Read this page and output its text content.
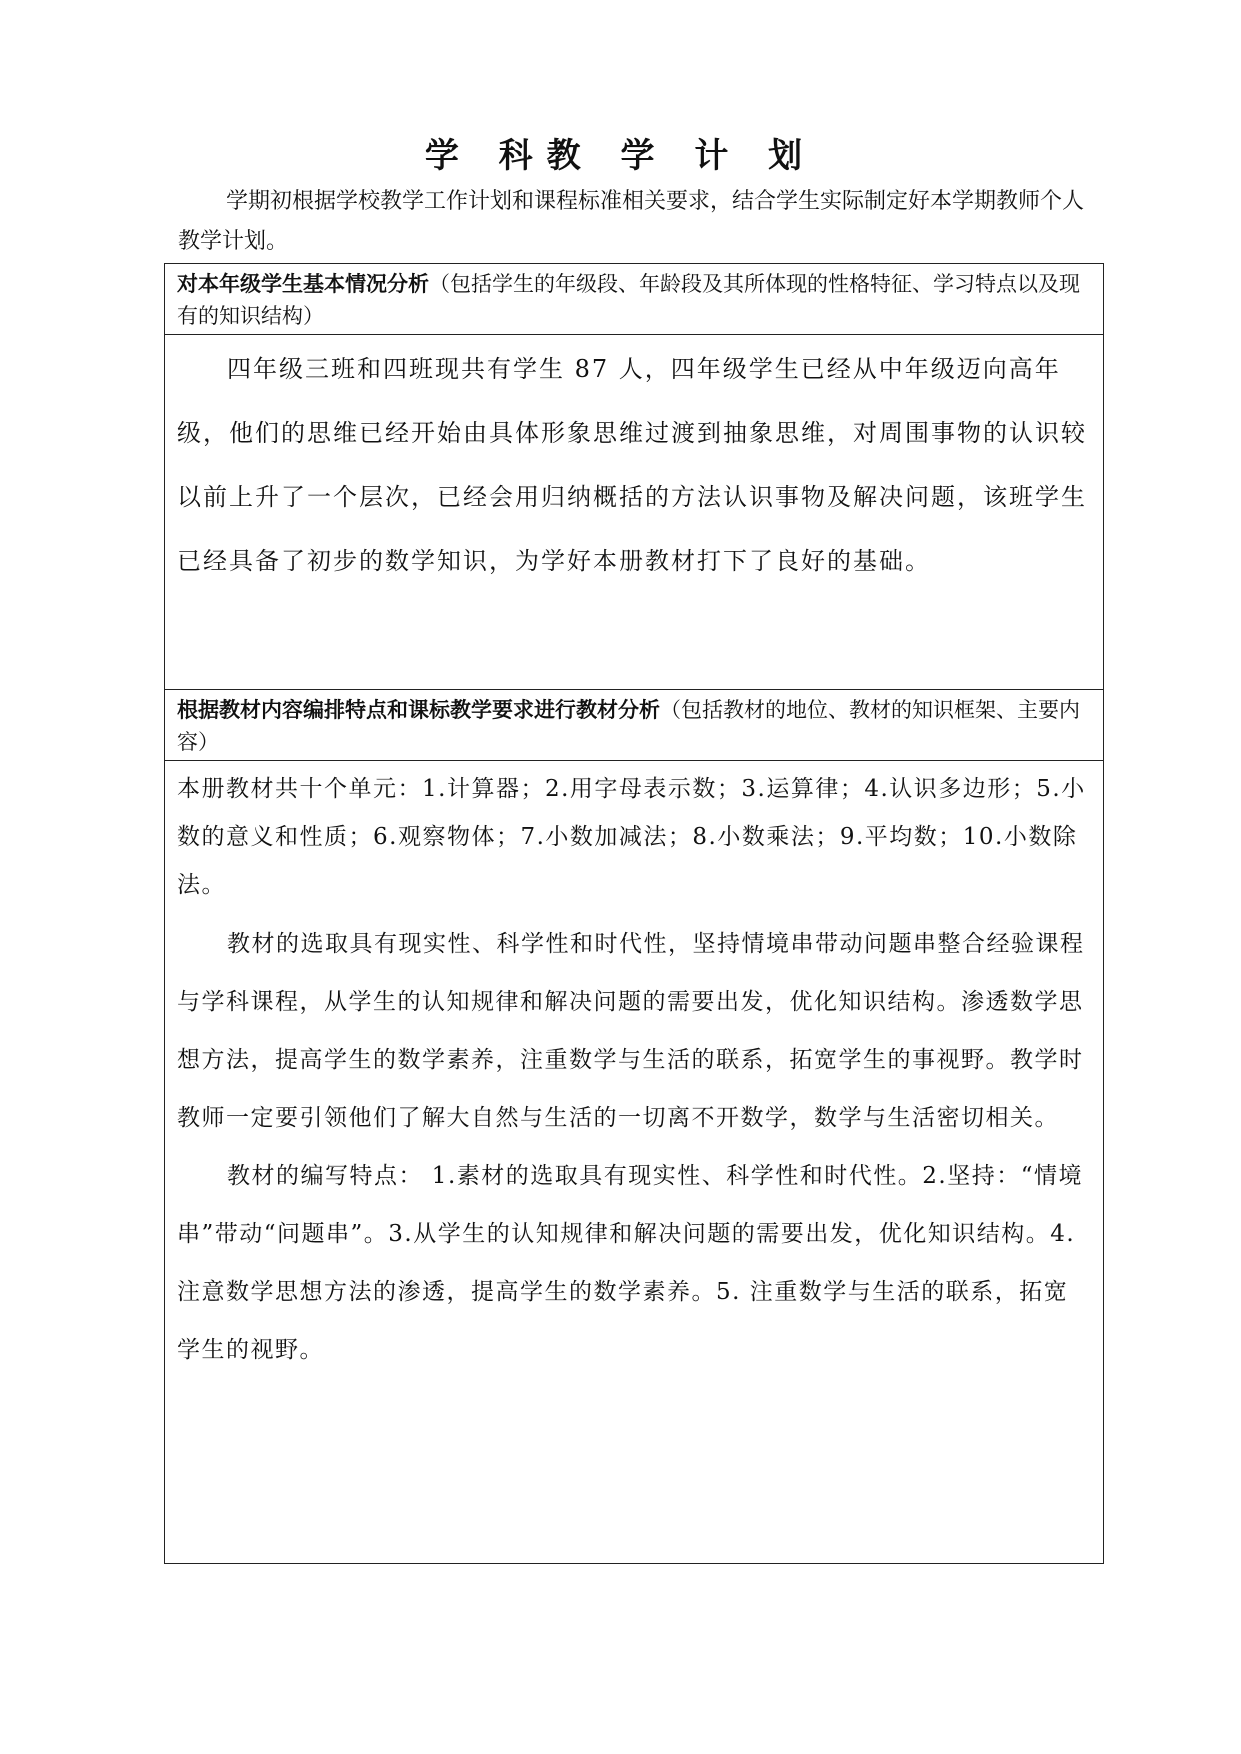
学 科教 学 计 划
学期初根据学校教学工作计划和课程标准相关要求，结合学生实际制定好本学期教师个人教学计划。
对本年级学生基本情况分析（包括学生的年级段、年龄段及其所体现的性格特征、学习特点以及现有的知识结构）
四年级三班和四班现共有学生 87 人，四年级学生已经从中年级迈向高年级，他们的思维已经开始由具体形象思维过渡到抽象思维，对周围事物的认识较以前上升了一个层次，已经会用归纳概括的方法认识事物及解决问题，该班学生已经具备了初步的数学知识，为学好本册教材打下了良好的基础。
根据教材内容编排特点和课标教学要求进行教材分析（包括教材的地位、教材的知识框架、主要内容）

本册教材共十个单元：1.计算器；2.用字母表示数；3.运算律；4.认识多边形；5.小数的意义和性质；6.观察物体；7.小数加减法；8.小数乘法；9.平均数；10.小数除法。

教材的选取具有现实性、科学性和时代性，坚持情境串带动问题串整合经验课程与学科课程，从学生的认知规律和解决问题的需要出发，优化知识结构。渗透数学思想方法，提高学生的数学素养，注重数学与生活的联系，拓宽学生的事视野。教学时教师一定要引领他们了解大自然与生活的一切离不开数学，数学与生活密切相关。

教材的编写特点： 1.素材的选取具有现实性、科学性和时代性。2.坚持：“情境串”带动“问题串”。3.从学生的认知规律和解决问题的需要出发，优化知识结构。4.注意数学思想方法的渗透，提高学生的数学素养。5. 注重数学与生活的联系，拓宽学生的视野。
